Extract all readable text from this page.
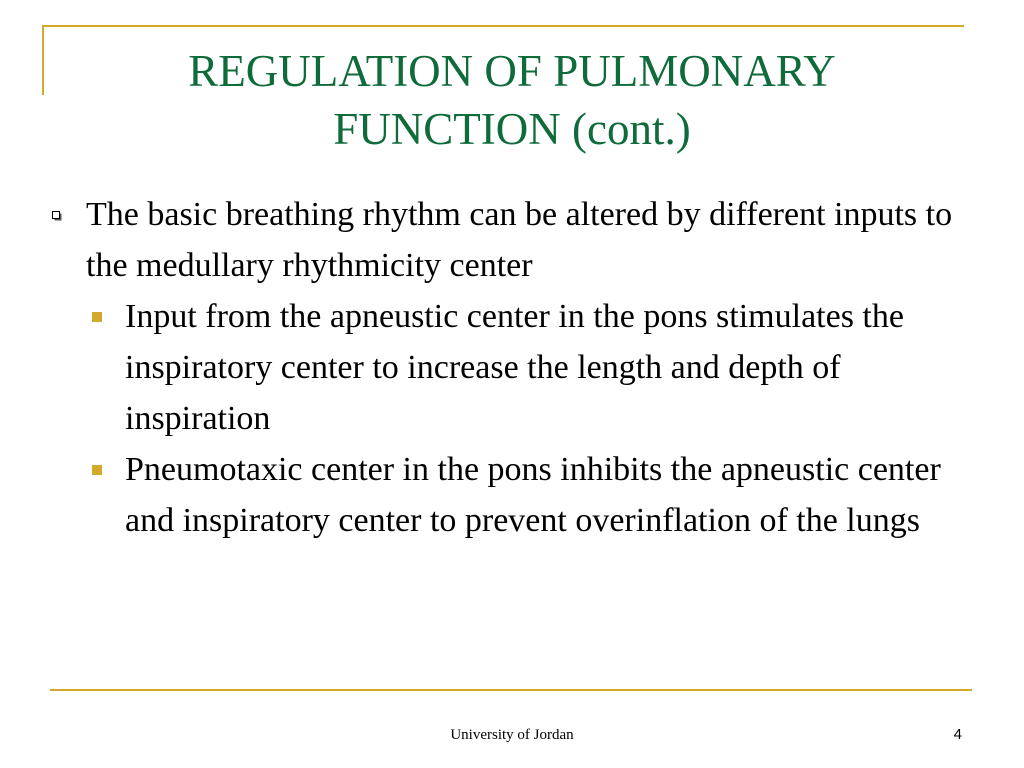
REGULATION OF PULMONARY
FUNCTION (cont.)
The basic breathing rhythm can be altered by different inputs to the medullary rhythmicity center
Input from the apneustic center in the pons stimulates the inspiratory center to increase the length and depth of inspiration
Pneumotaxic center in the pons inhibits the apneustic center and inspiratory center to prevent overinflation of the lungs
University of Jordan	4
